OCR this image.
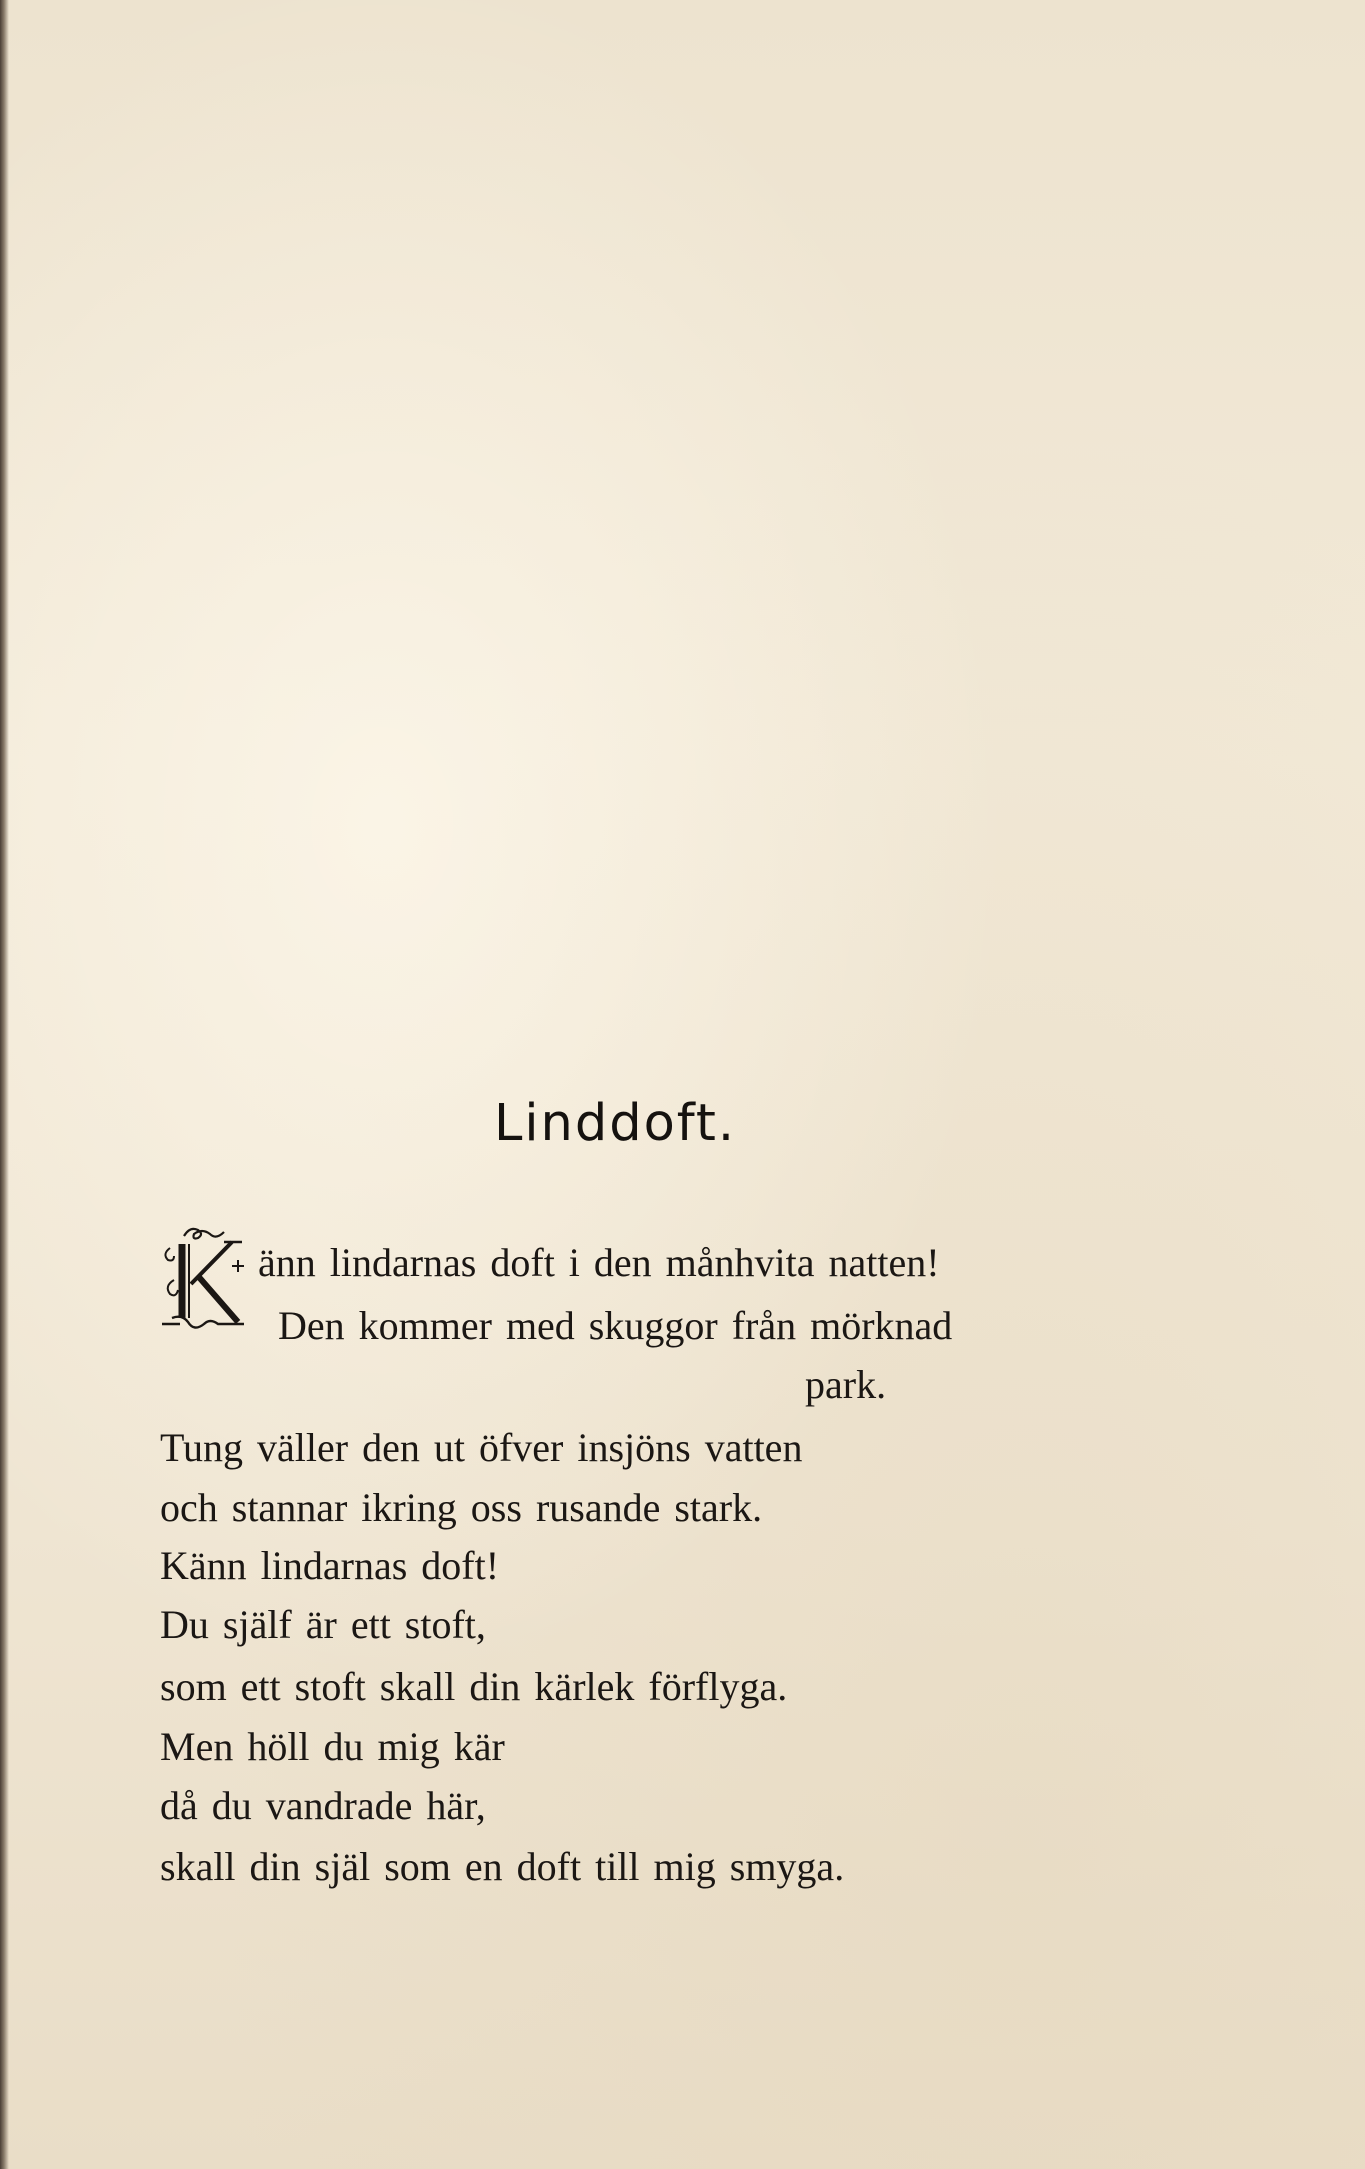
Linddoft.
änn lindarnas doft i den månhvita natten!
Den kommer med skuggor från mörknad
park.
Tung väller den ut öfver insjöns vatten
och stannar ikring oss rusande stark.
Känn lindarnas doft!
Du själf är ett stoft,
som ett stoft skall din kärlek förflyga.
Men höll du mig kär
då du vandrade här,
skall din själ som en doft till mig smyga.
